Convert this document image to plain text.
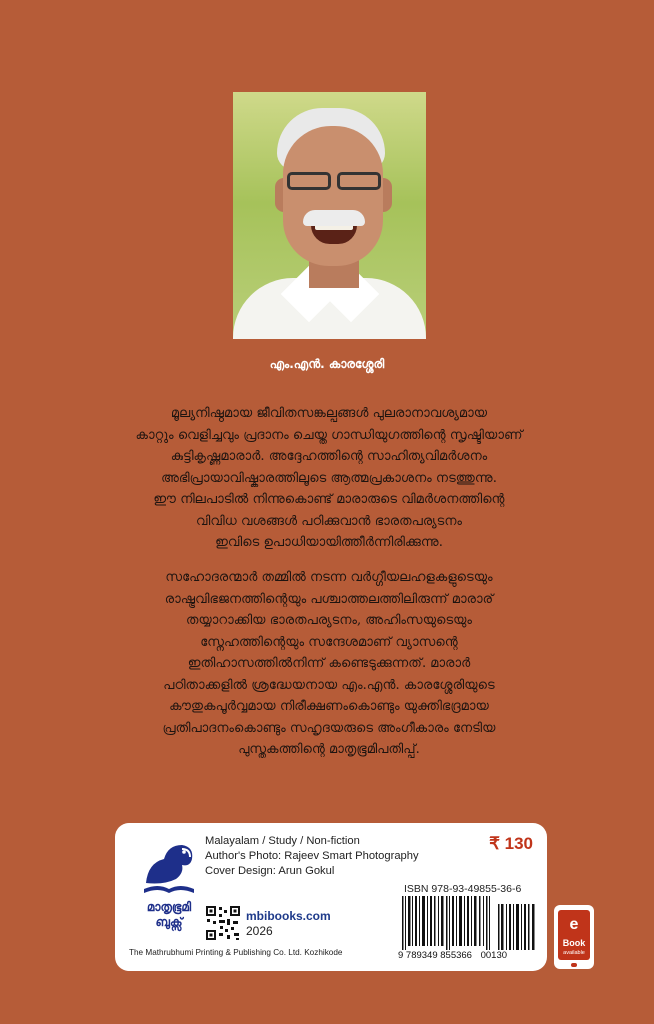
എം.എൻ. കാരശ്ശേരി
മൂല്യനിഷ്ഠമായ ജീവിതസങ്കല്പങ്ങൾ പുലരാനാവശ്യമായ
കാറ്റും വെളിച്ചവും പ്രദാനം ചെയ്ത ഗാന്ധിയുഗത്തിന്റെ സൃഷ്ടിയാണ്
കുട്ടികൃഷ്ണമാരാർ. അദ്ദേഹത്തിന്റെ സാഹിത്യവിമർശനം
അഭിപ്രായാവിഷ്കാരത്തിലൂടെ ആത്മപ്രകാശനം നടത്തുന്നു.
ഈ നിലപാടിൽ നിന്നുകൊണ്ട് മാരാരുടെ വിമർശനത്തിന്റെ
വിവിധ വശങ്ങൾ പഠിക്കുവാൻ ഭാരതപര്യടനം
ഇവിടെ ഉപാധിയായിത്തീർന്നിരിക്കുന്നു.
സഹോദരന്മാർ തമ്മിൽ നടന്ന വർഗ്ഗീയലഹളകളുടെയും
രാഷ്ട്രവിഭജനത്തിന്റെയും പശ്ചാത്തലത്തിലിരുന്ന് മാരാര്
തയ്യാറാക്കിയ ഭാരതപര്യടനം, അഹിംസയുടെയും
സ്നേഹത്തിന്റെയും സന്ദേശമാണ് വ്യാസന്റെ
ഇതിഹാസത്തിൽനിന്ന് കണ്ടെടുക്കുന്നത്. മാരാർ
പഠിതാക്കളിൽ ശ്രദ്ധേയനായ എം.എൻ. കാരശ്ശേരിയുടെ
കൗതുകപൂർവ്വമായ നിരീക്ഷണംകൊണ്ടും യുക്തിഭദ്രമായ
പ്രതിപാദനംകൊണ്ടും സഹൃദയരുടെ അംഗീകാരം നേടിയ
പുസ്തകത്തിന്റെ മാതൃഭൂമിപതിപ്പ്.
മാതൃഭൂമി ബുക്സ്
Malayalam / Study / Non-fiction
Author's Photo: Rajeev Smart Photography
Cover Design: Arun Gokul
₹ 130
mbibooks.com
2026
The Mathrubhumi Printing & Publishing Co. Ltd. Kozhikode
ISBN 978-93-49855-36-6
9 789349 855366 00130
e
Book
available
